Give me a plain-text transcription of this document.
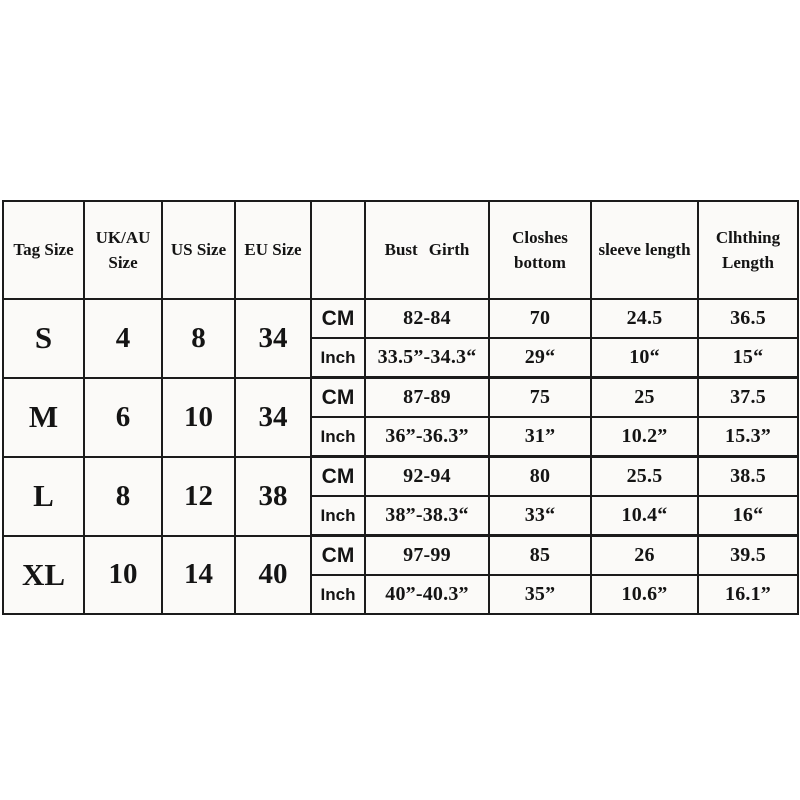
Tag Size	UK/AU Size	US Size	EU Size		Bust Girth	Closhes bottom	sleeve length	Clhthing Length
S	4	8	34	CM	82-84	70	24.5	36.5
				Inch	33.5”-34.3“	29“	10“	15“
M	6	10	34	CM	87-89	75	25	37.5
				Inch	36”-36.3”	31”	10.2”	15.3”
L	8	12	38	CM	92-94	80	25.5	38.5
				Inch	38”-38.3“	33“	10.4“	16“
XL	10	14	40	CM	97-99	85	26	39.5
				Inch	40”-40.3”	35”	10.6”	16.1”
